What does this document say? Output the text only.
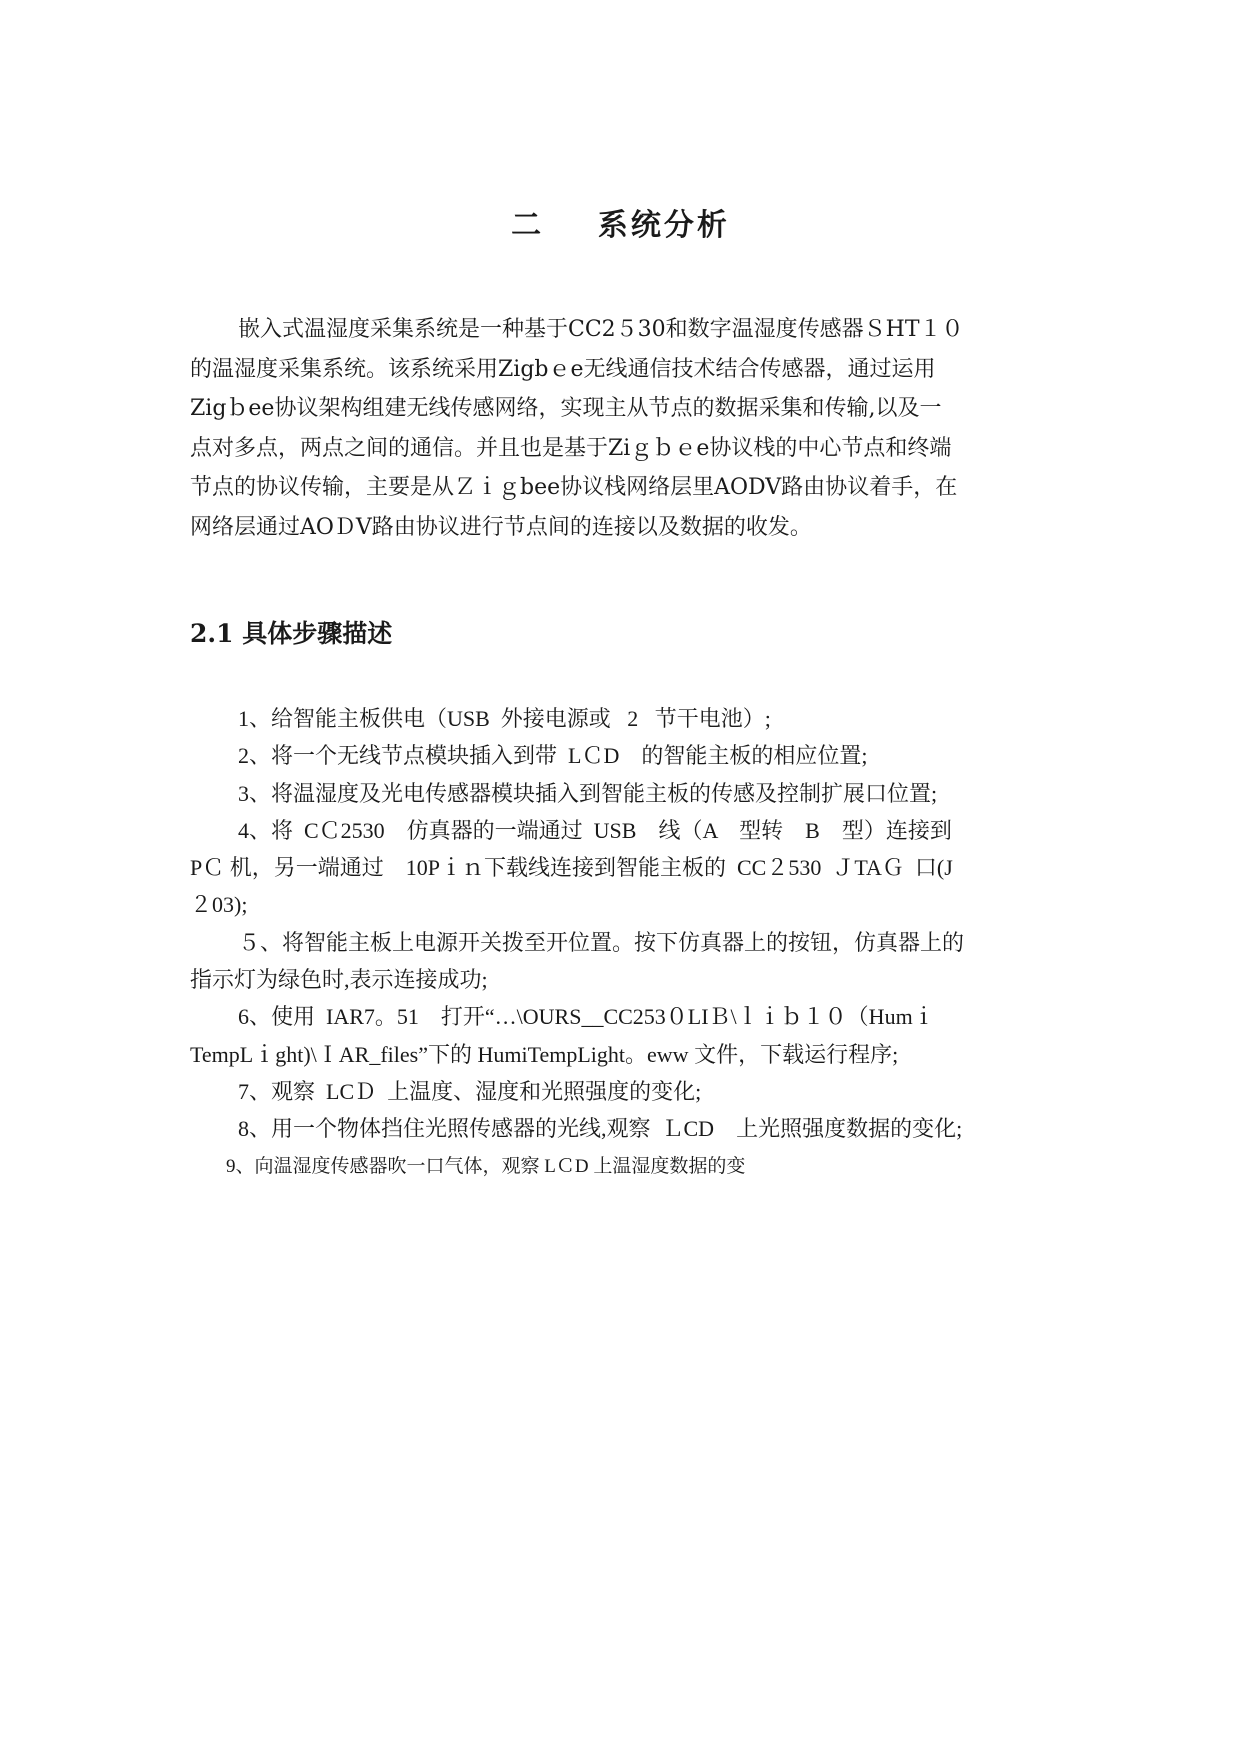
二    系统分析
嵌入式温湿度采集系统是一种基于CC2５30和数字温湿度传感器ＳHT１０
的温湿度采集系统。该系统采用Zigbｅe无线通信技术结合传感器，通过运用
Zigｂee协议架构组建无线传感网络，实现主从节点的数据采集和传输,以及一
点对多点，两点之间的通信。并且也是基于Ziｇｂｅe协议栈的中心节点和终端
节点的协议传输，主要是从Ｚｉｇbee协议栈网络层里AODV路由协议着手，在
网络层通过AOＤV路由协议进行节点间的连接以及数据的收发。
2.1 具体步骤描述
1、给智能主板供电（USB  外接电源或   2   节干电池）;
2、将一个无线节点模块插入到带  LＣD    的智能主板的相应位置;
3、将温湿度及光电传感器模块插入到智能主板的传感及控制扩展口位置;
4、将  CＣ2530    仿真器的一端通过  USB    线（A    型转    B    型）连接到
PＣ 机，另一端通过    10Pｉｎ下载线连接到智能主板的  CC２530  ＪTAＧ  口(J
２03);
５、将智能主板上电源开关拨至开位置。按下仿真器上的按钮，仿真器上的
指示灯为绿色时,表示连接成功;
6、使用  IAR7。51    打开“…\OURS__CC253０LIＢ\ｌｉｂ１０（Humｉ
TempLｉght)\ＩAR_files”下的 HumiTempLight。eww 文件，下载运行程序;
7、观察  LCＤ  上温度、湿度和光照强度的变化;
8、用一个物体挡住光照传感器的光线,观察  ＬCD    上光照强度数据的变化;
9、向温湿度传感器吹一口气体，观察 LＣD 上温湿度数据的变
